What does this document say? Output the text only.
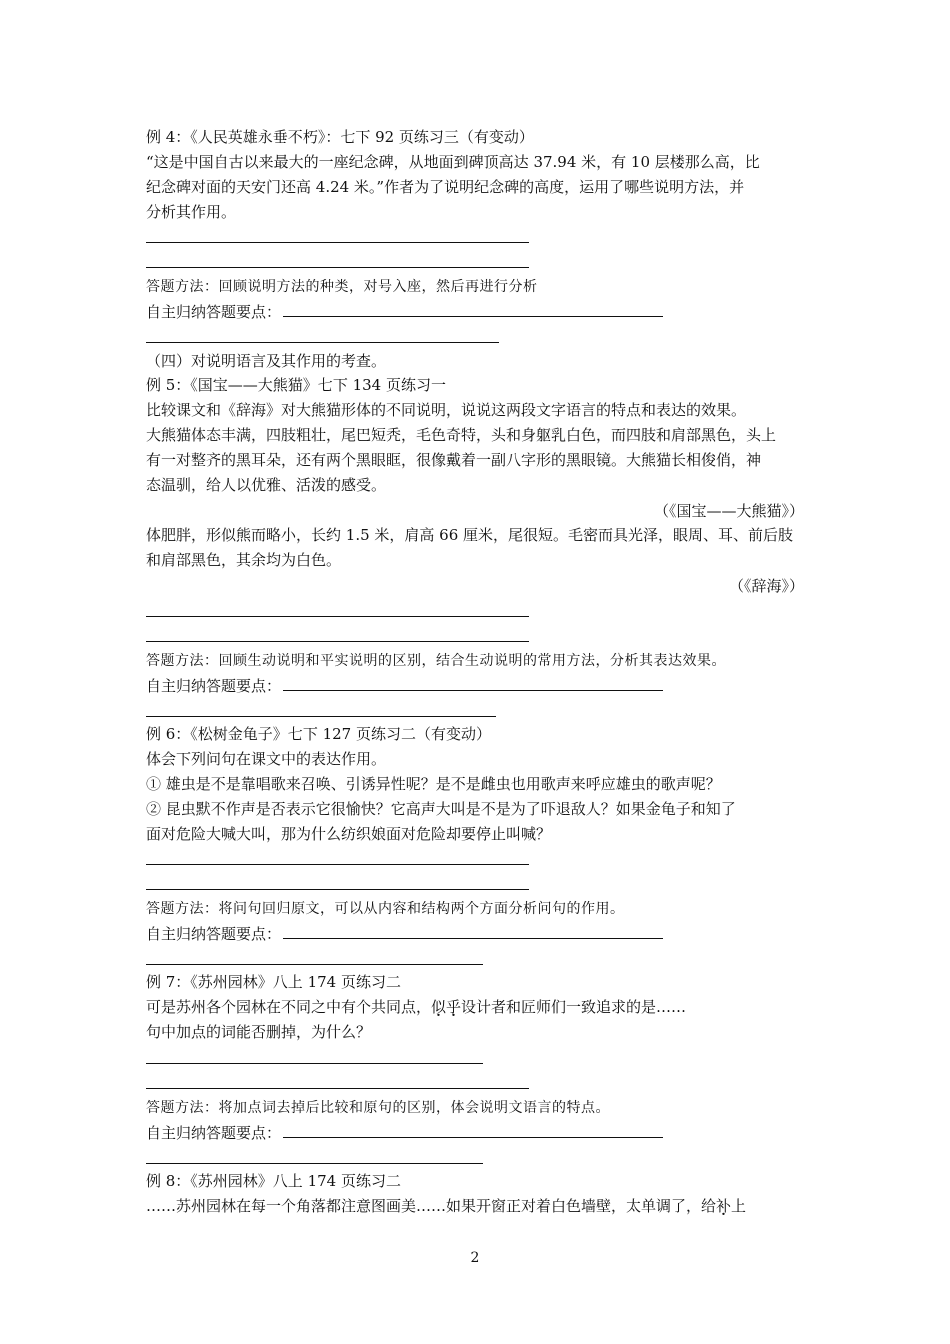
例 4：《人民英雄永垂不朽》：七下 92 页练习三（有变动）
“这是中国自古以来最大的一座纪念碑，从地面到碑顶高达 37.94 米，有 10 层楼那么高，比
纪念碑对面的天安门还高 4.24 米。”作者为了说明纪念碑的高度，运用了哪些说明方法，并
分析其作用。
答题方法：回顾说明方法的种类，对号入座，然后再进行分析
自主归纳答题要点：
（四）对说明语言及其作用的考查。
例 5：《国宝——大熊猫》七下 134 页练习一
比较课文和《辞海》对大熊猫形体的不同说明，说说这两段文字语言的特点和表达的效果。
大熊猫体态丰满，四肢粗壮，尾巴短秃，毛色奇特，头和身躯乳白色，而四肢和肩部黑色，头上
有一对整齐的黑耳朵，还有两个黑眼眶，很像戴着一副八字形的黑眼镜。大熊猫长相俊俏，神
态温驯，给人以优雅、活泼的感受。
（《国宝——大熊猫》）
体肥胖，形似熊而略小，长约 1.5 米，肩高 66 厘米，尾很短。毛密而具光泽，眼周、耳、前后肢
和肩部黑色，其余均为白色。
（《辞海》）
答题方法：回顾生动说明和平实说明的区别，结合生动说明的常用方法，分析其表达效果。
自主归纳答题要点：
例 6：《松树金龟子》七下 127 页练习二（有变动）
体会下列问句在课文中的表达作用。
① 雄虫是不是靠唱歌来召唤、引诱异性呢？是不是雌虫也用歌声来呼应雄虫的歌声呢？
② 昆虫默不作声是否表示它很愉快？它高声大叫是不是为了吓退敌人？如果金龟子和知了
面对危险大喊大叫，那为什么纺织娘面对危险却要停止叫喊？
答题方法：将问句回归原文，可以从内容和结构两个方面分析问句的作用。
自主归纳答题要点：
例 7：《苏州园林》八上 174 页练习二
可是苏州各个园林在不同之中有个共同点，似乎设计者和匠师们一致追求的是……
句中加点的词能否删掉，为什么？
答题方法：将加点词去掉后比较和原句的区别，体会说明文语言的特点。
自主归纳答题要点：
例 8：《苏州园林》八上 174 页练习二
……苏州园林在每一个角落都注意图画美……如果开窗正对着白色墙壁，太单调了，给补上
2
